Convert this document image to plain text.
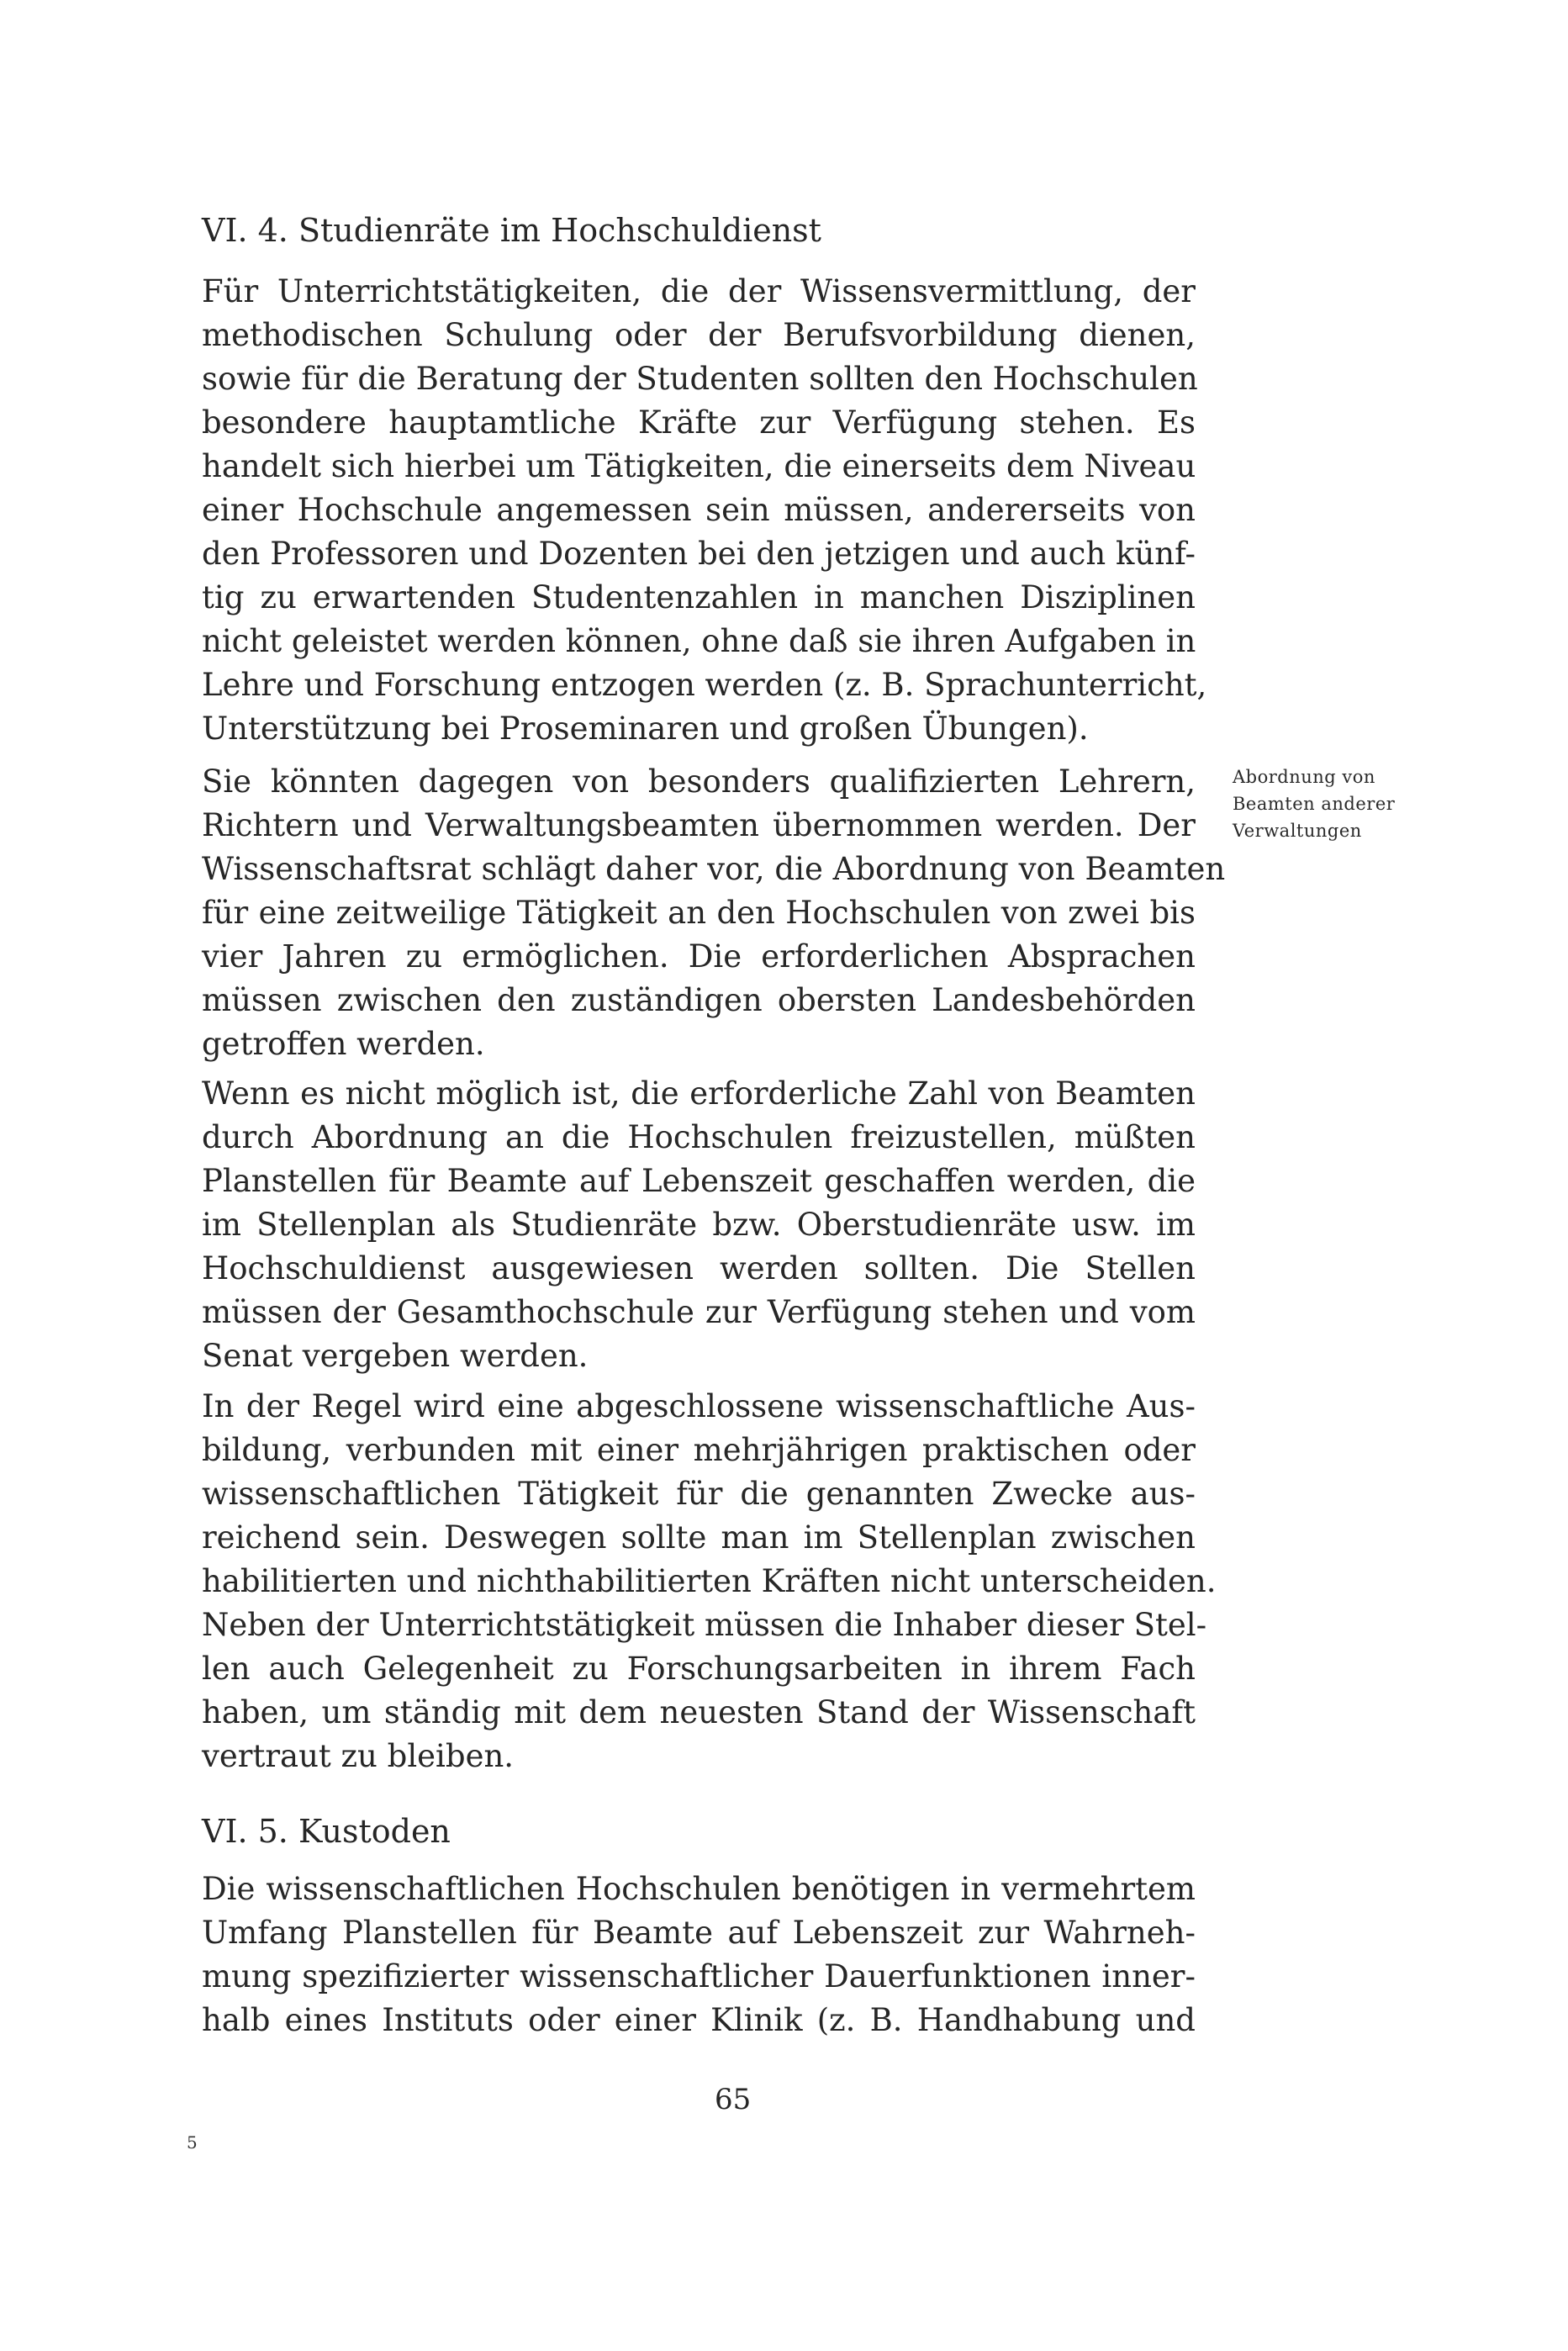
VI. 4. Studienräte im Hochschuldienst
Für Unterrichtstätigkeiten, die der Wissensvermittlung, der
methodischen Schulung oder der Berufsvorbildung dienen,
sowie für die Beratung der Studenten sollten den Hochschulen
besondere hauptamtliche Kräfte zur Verfügung stehen. Es
handelt sich hierbei um Tätigkeiten, die einerseits dem Niveau
einer Hochschule angemessen sein müssen, andererseits von
den Professoren und Dozenten bei den jetzigen und auch künf-
tig zu erwartenden Studentenzahlen in manchen Disziplinen
nicht geleistet werden können, ohne daß sie ihren Aufgaben in
Lehre und Forschung entzogen werden (z. B. Sprachunterricht,
Unterstützung bei Proseminaren und großen Übungen).
Sie könnten dagegen von besonders qualifizierten Lehrern,
Richtern und Verwaltungsbeamten übernommen werden. Der
Wissenschaftsrat schlägt daher vor, die Abordnung von Beamten
für eine zeitweilige Tätigkeit an den Hochschulen von zwei bis
vier Jahren zu ermöglichen. Die erforderlichen Absprachen
müssen zwischen den zuständigen obersten Landesbehörden
getroffen werden.
Abordnung von
Beamten anderer
Verwaltungen
Wenn es nicht möglich ist, die erforderliche Zahl von Beamten
durch Abordnung an die Hochschulen freizustellen, müßten
Planstellen für Beamte auf Lebenszeit geschaffen werden, die
im Stellenplan als Studienräte bzw. Oberstudienräte usw. im
Hochschuldienst ausgewiesen werden sollten. Die Stellen
müssen der Gesamthochschule zur Verfügung stehen und vom
Senat vergeben werden.
In der Regel wird eine abgeschlossene wissenschaftliche Aus-
bildung, verbunden mit einer mehrjährigen praktischen oder
wissenschaftlichen Tätigkeit für die genannten Zwecke aus-
reichend sein. Deswegen sollte man im Stellenplan zwischen
habilitierten und nichthabilitierten Kräften nicht unterscheiden.
Neben der Unterrichtstätigkeit müssen die Inhaber dieser Stel-
len auch Gelegenheit zu Forschungsarbeiten in ihrem Fach
haben, um ständig mit dem neuesten Stand der Wissenschaft
vertraut zu bleiben.
VI. 5. Kustoden
Die wissenschaftlichen Hochschulen benötigen in vermehrtem
Umfang Planstellen für Beamte auf Lebenszeit zur Wahrneh-
mung spezifizierter wissenschaftlicher Dauerfunktionen inner-
halb eines Instituts oder einer Klinik (z. B. Handhabung und
65
5
